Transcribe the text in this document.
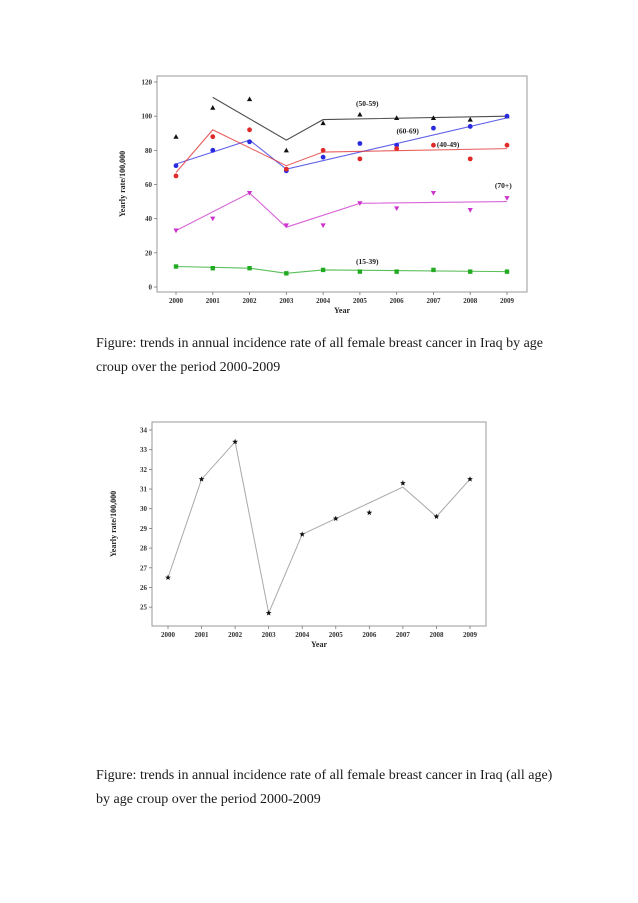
0
20
40
60
80
100
120
2000	2001	2002	2003	2004	2005	2006	2007	2008	2009
Year
Yearly rate/100,000
(50-59)
(60-69)
(40-49)
(70+)
(15-39)
25
26
27
28
29
30
31
32
33
34
2000	2001	2002	2003	2004	2005	2006	2007	2008	2009
Year
Yearly rate/100,000

Figure: trends in annual incidence rate of all female breast cancer in Iraq by age croup over the period 2000-2009

Figure: trends in annual incidence rate of all female breast cancer in Iraq (all age) by age croup over the period 2000-2009
